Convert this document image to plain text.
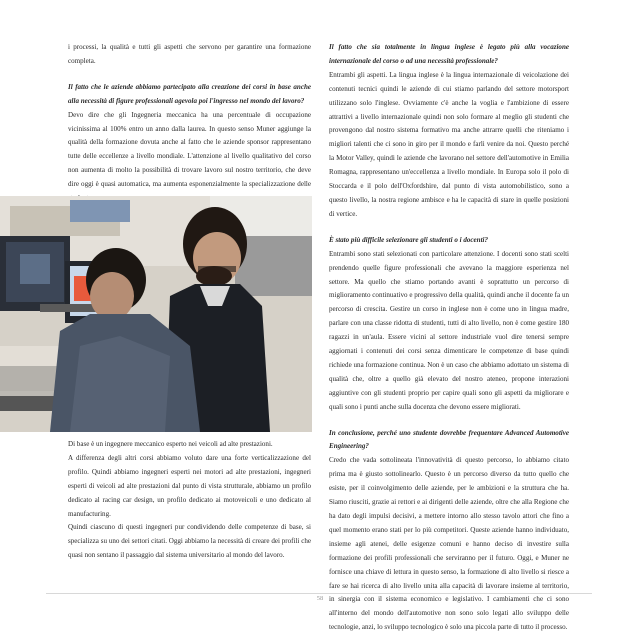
i processi, la qualità e tutti gli aspetti che servono per garantire una formazione completa.

Il fatto che le aziende abbiamo partecipato alla creazione dei corsi in base anche alla necessità di figure professionali agevola poi l'ingresso nel mondo del lavoro?

Devo dire che gli Ingegneria meccanica ha una percentuale di occupazione vicinissima al 100% entro un anno dalla laurea. In questo senso Muner aggiunge la qualità della formazione dovuta anche al fatto che le aziende sponsor rappresentano tutte delle eccellenze a livello mondiale. L'attenzione al livello qualitativo del corso non aumenta di molto la possibilità di trovare lavoro sul nostro territorio, che deve dire oggi è quasi automatica, ma aumenta esponenzialmente la specializzazione delle

Di base è un ingegnere meccanico esperto nei veicoli ad alte prestazioni.

A differenza degli altri corsi abbiamo voluto dare una forte verticalizzazione del profilo. Quindi abbiamo ingegneri esperti nei motori ad alte prestazioni, ingegneri esperti di veicoli ad alte prestazioni dal punto di vista strutturale, abbiamo un profilo dedicato al racing car design, un profilo dedicato ai motoveicoli e uno dedicato al manufacturing.

Quindi ciascuno di questi ingegneri pur condividendo delle competenze di base, si specializza su uno dei settori citati. Oggi abbiamo la necessità di creare dei profili che quasi non sentano il passaggio dal sistema universitario al mondo del lavoro.

Il fatto che sia totalmente in lingua inglese è legato più alla vocazione internazionale del corso o ad una necessità professionale?

Entrambi gli aspetti. La lingua inglese è la lingua internazionale di veicolazione dei contenuti tecnici quindi le aziende di cui stiamo parlando del settore motorsport utilizzano solo l'inglese. Ovviamente c'è anche la voglia e l'ambizione di essere attrattivi a livello internazionale quindi non solo formare al meglio gli studenti che provengono dal nostro sistema formativo ma anche attrarre quelli che riteniamo i migliori talenti che ci sono in giro per il mondo e farli venire da noi. Questo perché la Motor Valley, quindi le aziende che lavorano nel settore dell'automotive in Emilia Romagna, rappresentano un'eccellenza a livello mondiale. In Europa solo il polo di Stoccarda e il polo dell'Oxfordshire, dal punto di vista automobilistico, sono a questo livello, la nostra regione ambisce e ha le capacità di stare in quelle posizioni di vertice.

È stato più difficile selezionare gli studenti o i docenti?

Entrambi sono stati selezionati con particolare attenzione. I docenti sono stati scelti prendendo quelle figure professionali che avevano la maggiore esperienza nel settore. Ma quello che stiamo portando avanti è soprattutto un percorso di miglioramento continuativo e progressivo della qualità, quindi anche il docente fa un percorso di crescita. Gestire un corso in inglese non è come uno in lingua madre, parlare con una classe ridotta di studenti, tutti di alto livello, non è come gestire 180 ragazzi in un'aula. Essere vicini al settore industriale vuol dire tenersi sempre aggiornati i contenuti dei corsi senza dimenticare le competenze di base quindi richiede una formazione continua. Non è un caso che abbiamo adottato un sistema di qualità che, oltre a quello già elevato del nostro ateneo, propone interazioni aggiuntive con gli studenti proprio per capire quali sono gli aspetti da migliorare e quali sono i punti anche sulla docenza che devono essere migliorati.

In conclusione, perché uno studente dovrebbe frequentare Advanced Automotive Engineering?

Credo che vada sottolineata l'innovatività di questo percorso, lo abbiamo citato prima ma è giusto sottolinearlo. Questo è un percorso diverso da tutto quello che esiste, per il coinvolgimento delle aziende, per le ambizioni e la struttura che ha. Siamo riusciti, grazie ai rettori e ai dirigenti delle aziende, oltre che alla Regione che ha dato degli impulsi decisivi, a mettere intorno allo stesso tavolo attori che fino a quel momento erano stati per lo più competitori. Queste aziende hanno individuato, insieme agli atenei, delle esigenze comuni e hanno deciso di investire sulla formazione dei profili professionali che serviranno per il futuro. Oggi, e Muner ne fornisce una chiave di lettura in questo senso, la formazione di alto livello si riesce a fare se hai ricerca di alto livello unita alla capacità di lavorare insieme al territorio, in sinergia con il sistema economico e legislativo. I cambiamenti che ci sono all'interno del mondo dell'automotive non sono solo legati allo sviluppo delle tecnologie, anzi, lo sviluppo tecnologico è solo una piccola parte di tutto il processo.

58
